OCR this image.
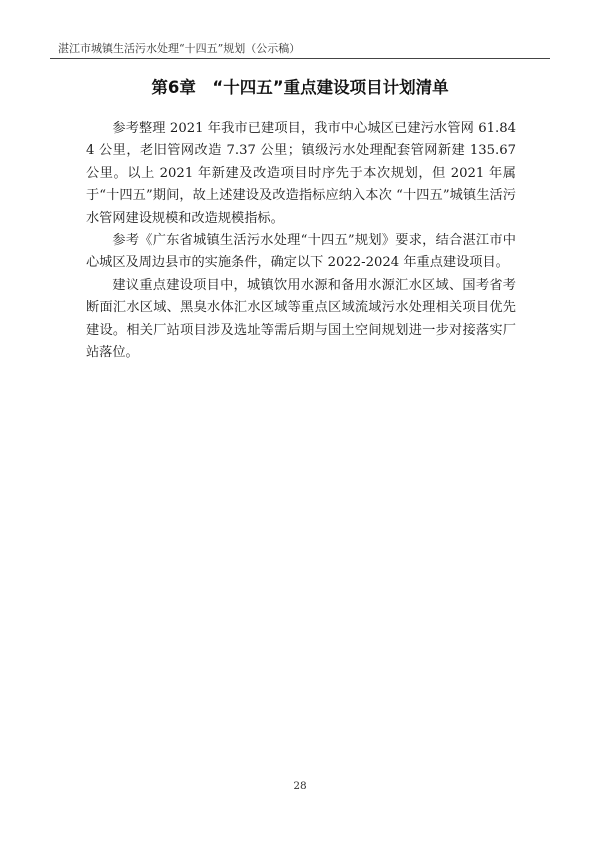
湛江市城镇生活污水处理“十四五”规划（公示稿）
第6章　“十四五”重点建设项目计划清单

参考整理 2021 年我市已建项目，我市中心城区已建污水管网 61.844 公里，老旧管网改造 7.37 公里；镇级污水处理配套管网新建 135.67 公里。以上 2021 年新建及改造项目时序先于本次规划，但 2021 年属于“十四五”期间，故上述建设及改造指标应纳入本次 “十四五”城镇生活污水管网建设规模和改造规模指标。

参考《广东省城镇生活污水处理“十四五”规划》要求，结合湛江市中心城区及周边县市的实施条件，确定以下 2022-2024 年重点建设项目。

建议重点建设项目中，城镇饮用水源和备用水源汇水区域、国考省考断面汇水区域、黑臭水体汇水区域等重点区域流域污水处理相关项目优先建设。相关厂站项目涉及选址等需后期与国土空间规划进一步对接落实厂站落位。

28
